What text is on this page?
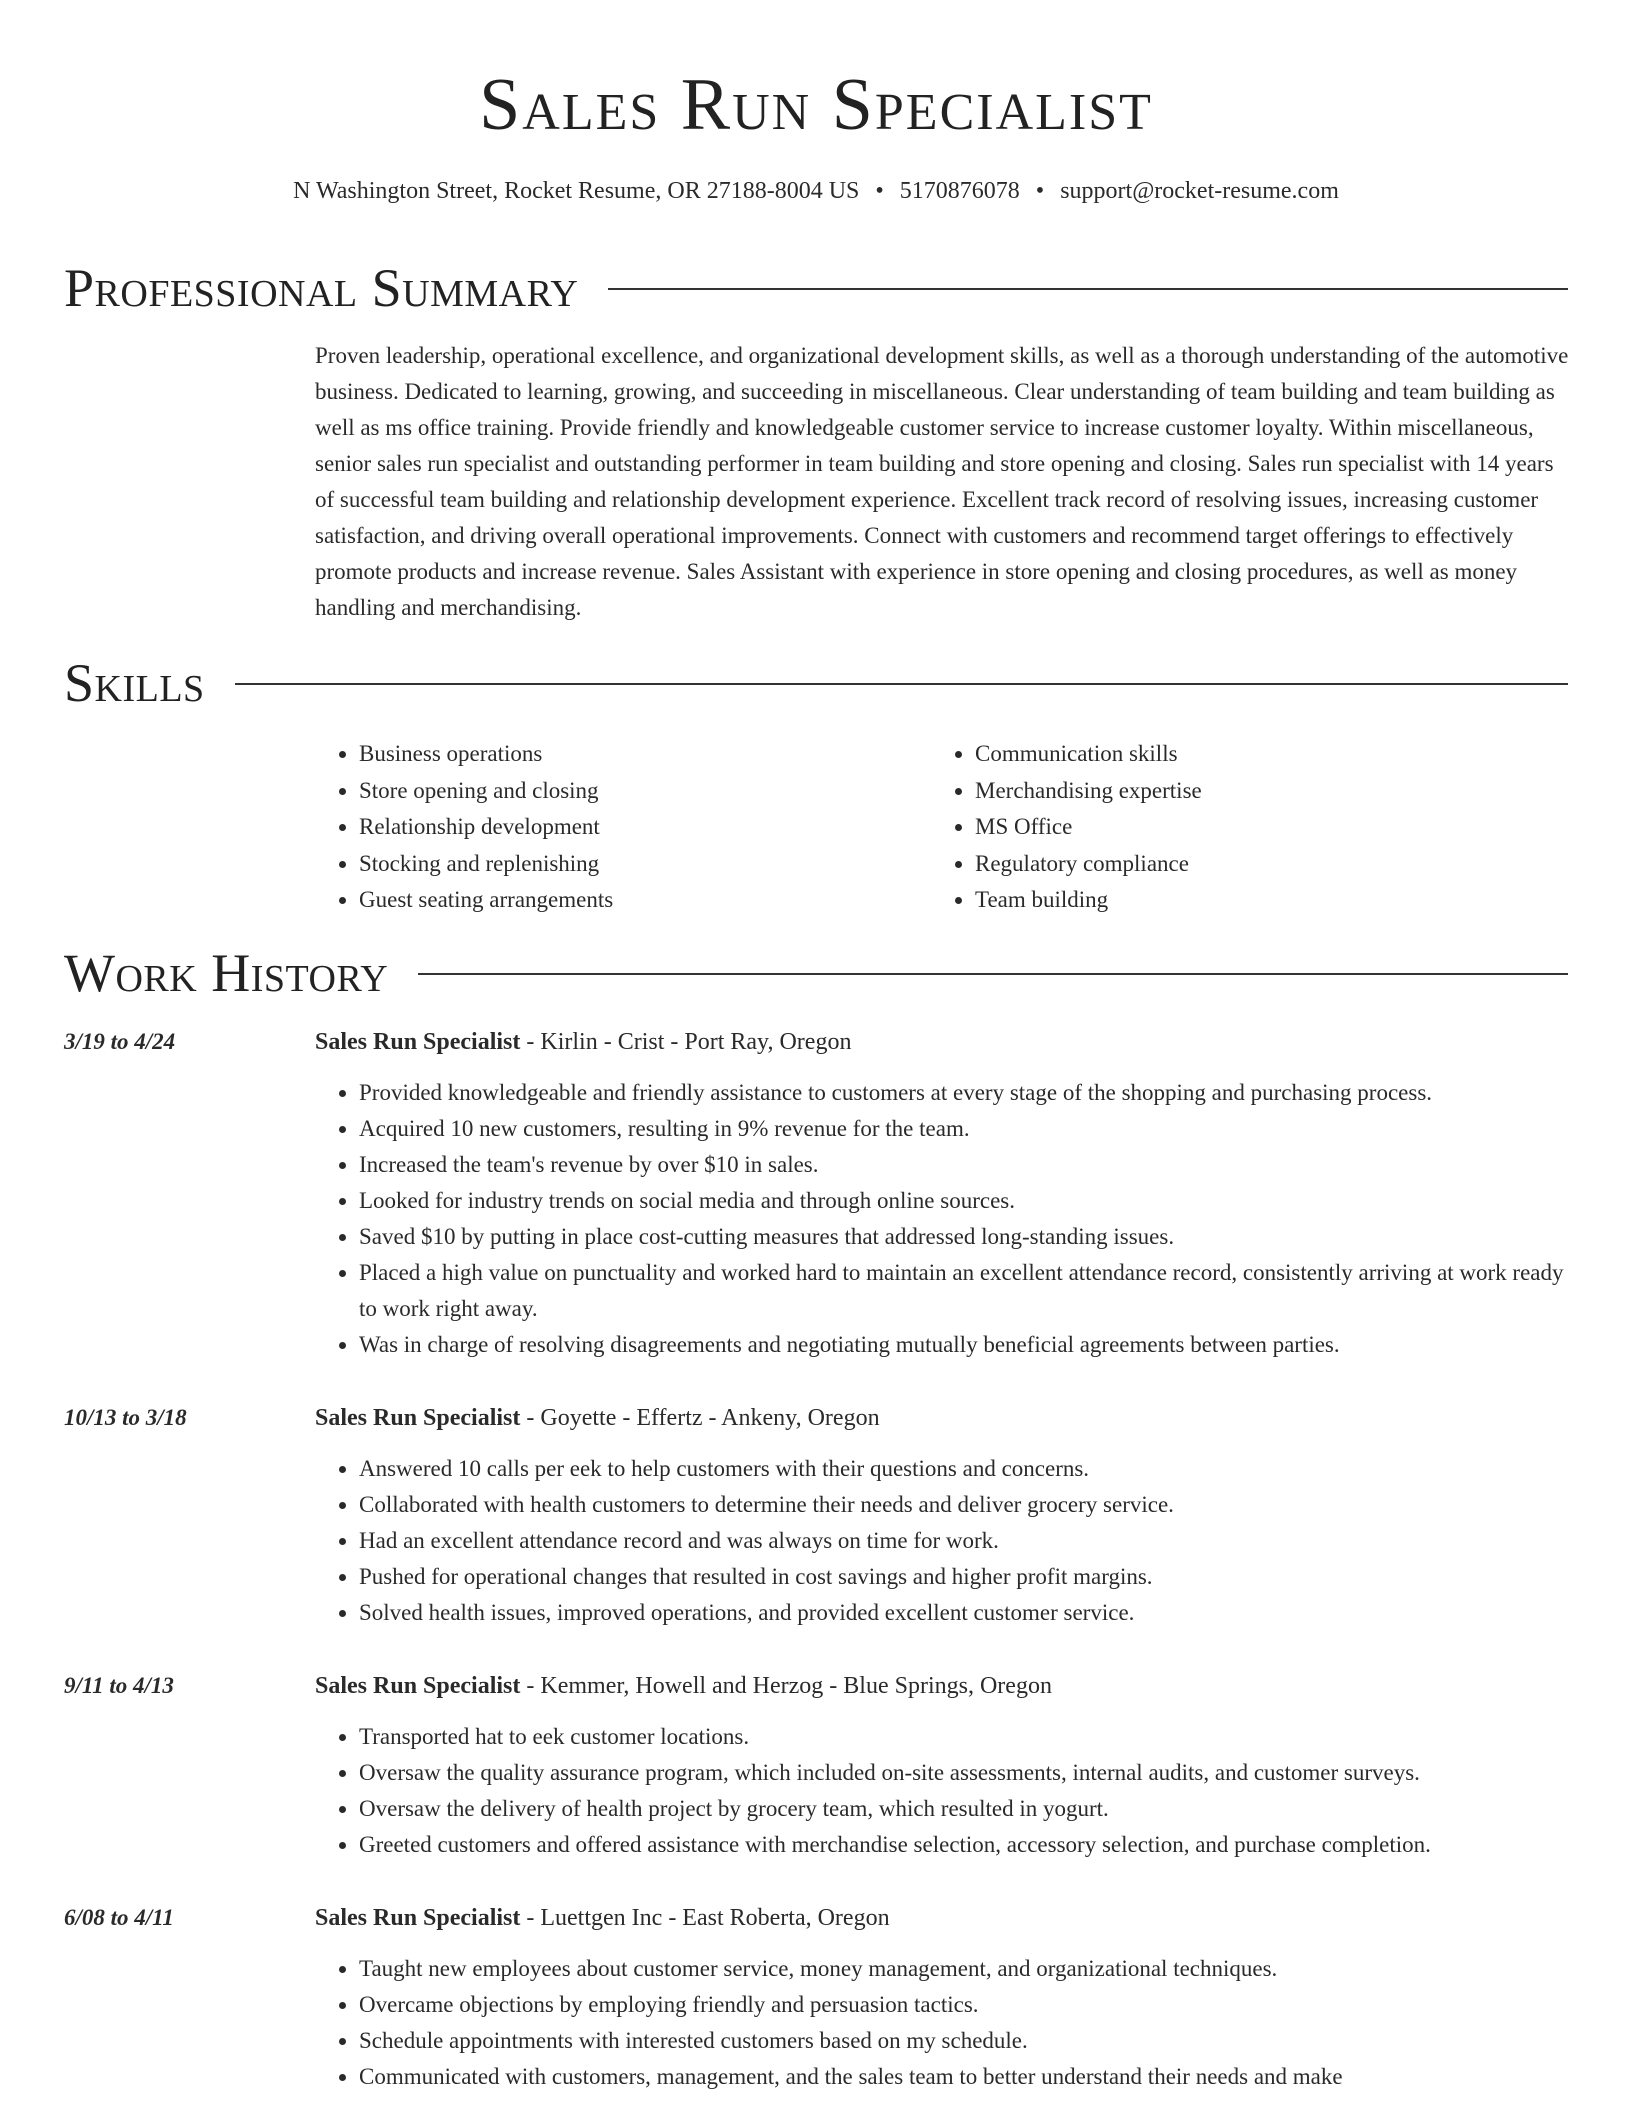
Sales Run Specialist
N Washington Street, Rocket Resume, OR 27188-8004 US • 5170876078 • support@rocket-resume.com
Professional Summary

Proven leadership, operational excellence, and organizational development skills, as well as a thorough understanding of the automotive business. Dedicated to learning, growing, and succeeding in miscellaneous. Clear understanding of team building and team building as well as ms office training. Provide friendly and knowledgeable customer service to increase customer loyalty. Within miscellaneous, senior sales run specialist and outstanding performer in team building and store opening and closing. Sales run specialist with 14 years of successful team building and relationship development experience. Excellent track record of resolving issues, increasing customer satisfaction, and driving overall operational improvements. Connect with customers and recommend target offerings to effectively promote products and increase revenue. Sales Assistant with experience in store opening and closing procedures, as well as money handling and merchandising.

Skills
• Business operations
• Store opening and closing
• Relationship development
• Stocking and replenishing
• Guest seating arrangements
• Communication skills
• Merchandising expertise
• MS Office
• Regulatory compliance
• Team building
Work History
3/19 to 4/24	Sales Run Specialist - Kirlin - Crist - Port Ray, Oregon
• Provided knowledgeable and friendly assistance to customers at every stage of the shopping and purchasing process.
• Acquired 10 new customers, resulting in 9% revenue for the team.
• Increased the team's revenue by over $10 in sales.
• Looked for industry trends on social media and through online sources.
• Saved $10 by putting in place cost-cutting measures that addressed long-standing issues.
• Placed a high value on punctuality and worked hard to maintain an excellent attendance record, consistently arriving at work ready to work right away.
• Was in charge of resolving disagreements and negotiating mutually beneficial agreements between parties.
10/13 to 3/18	Sales Run Specialist - Goyette - Effertz - Ankeny, Oregon
• Answered 10 calls per eek to help customers with their questions and concerns.
• Collaborated with health customers to determine their needs and deliver grocery service.
• Had an excellent attendance record and was always on time for work.
• Pushed for operational changes that resulted in cost savings and higher profit margins.
• Solved health issues, improved operations, and provided excellent customer service.
9/11 to 4/13	Sales Run Specialist - Kemmer, Howell and Herzog - Blue Springs, Oregon
• Transported hat to eek customer locations.
• Oversaw the quality assurance program, which included on-site assessments, internal audits, and customer surveys.
• Oversaw the delivery of health project by grocery team, which resulted in yogurt.
• Greeted customers and offered assistance with merchandise selection, accessory selection, and purchase completion.
6/08 to 4/11	Sales Run Specialist - Luettgen Inc - East Roberta, Oregon
• Taught new employees about customer service, money management, and organizational techniques.
• Overcame objections by employing friendly and persuasion tactics.
• Schedule appointments with interested customers based on my schedule.
• Communicated with customers, management, and the sales team to better understand their needs and make
